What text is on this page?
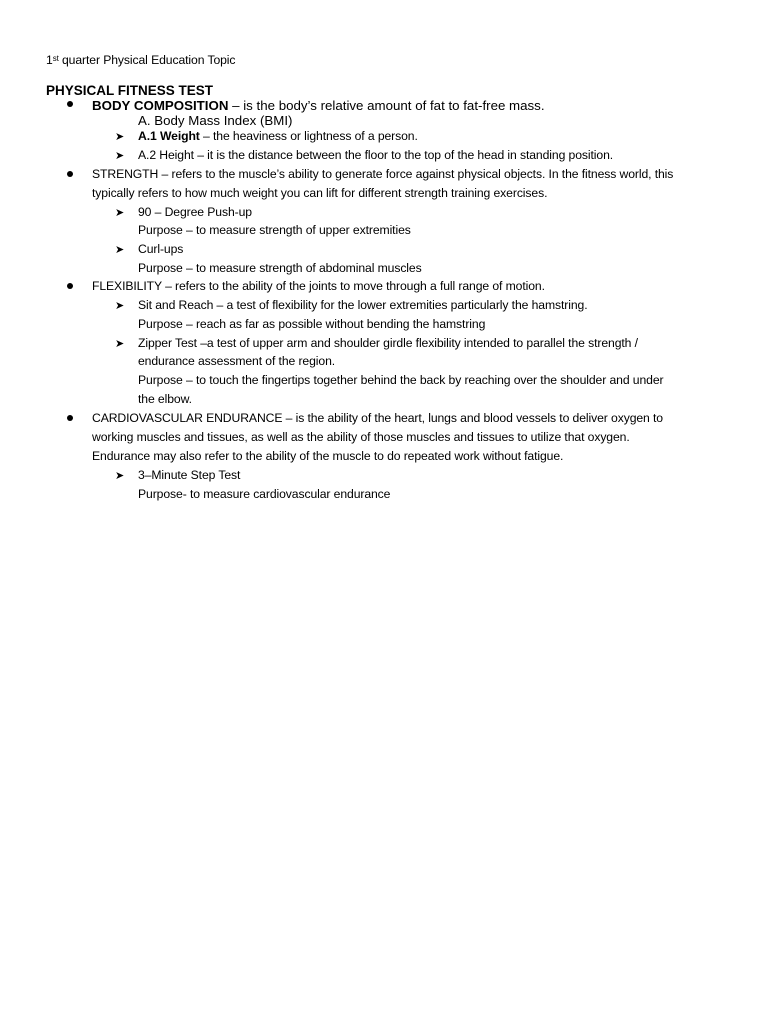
1st quarter Physical Education Topic
PHYSICAL FITNESS TEST
BODY COMPOSITION – is the body’s relative amount of fat to fat-free mass.
A. Body Mass Index (BMI)
➤ A.1 Weight – the heaviness or lightness of a person.
➤ A.2 Height – it is the distance between the floor to the top of the head in standing position.
STRENGTH – refers to the muscle’s ability to generate force against physical objects. In the fitness world, this
typically refers to how much weight you can lift for different strength training exercises.
➤ 90 – Degree Push-up
Purpose – to measure strength of upper extremities
➤ Curl-ups
Purpose – to measure strength of abdominal muscles
FLEXIBILITY – refers to the ability of the joints to move through a full range of motion.
➤ Sit and Reach – a test of flexibility for the lower extremities particularly the hamstring.
Purpose – reach as far as possible without bending the hamstring
➤ Zipper Test –a test of upper arm and shoulder girdle flexibility intended to parallel the strength /
endurance assessment of the region.
Purpose – to touch the fingertips together behind the back by reaching over the shoulder and under
the elbow.
CARDIOVASCULAR ENDURANCE – is the ability of the heart, lungs and blood vessels to deliver oxygen to
working muscles and tissues, as well as the ability of those muscles and tissues to utilize that oxygen.
Endurance may also refer to the ability of the muscle to do repeated work without fatigue.
➤ 3–Minute Step Test
Purpose- to measure cardiovascular endurance
